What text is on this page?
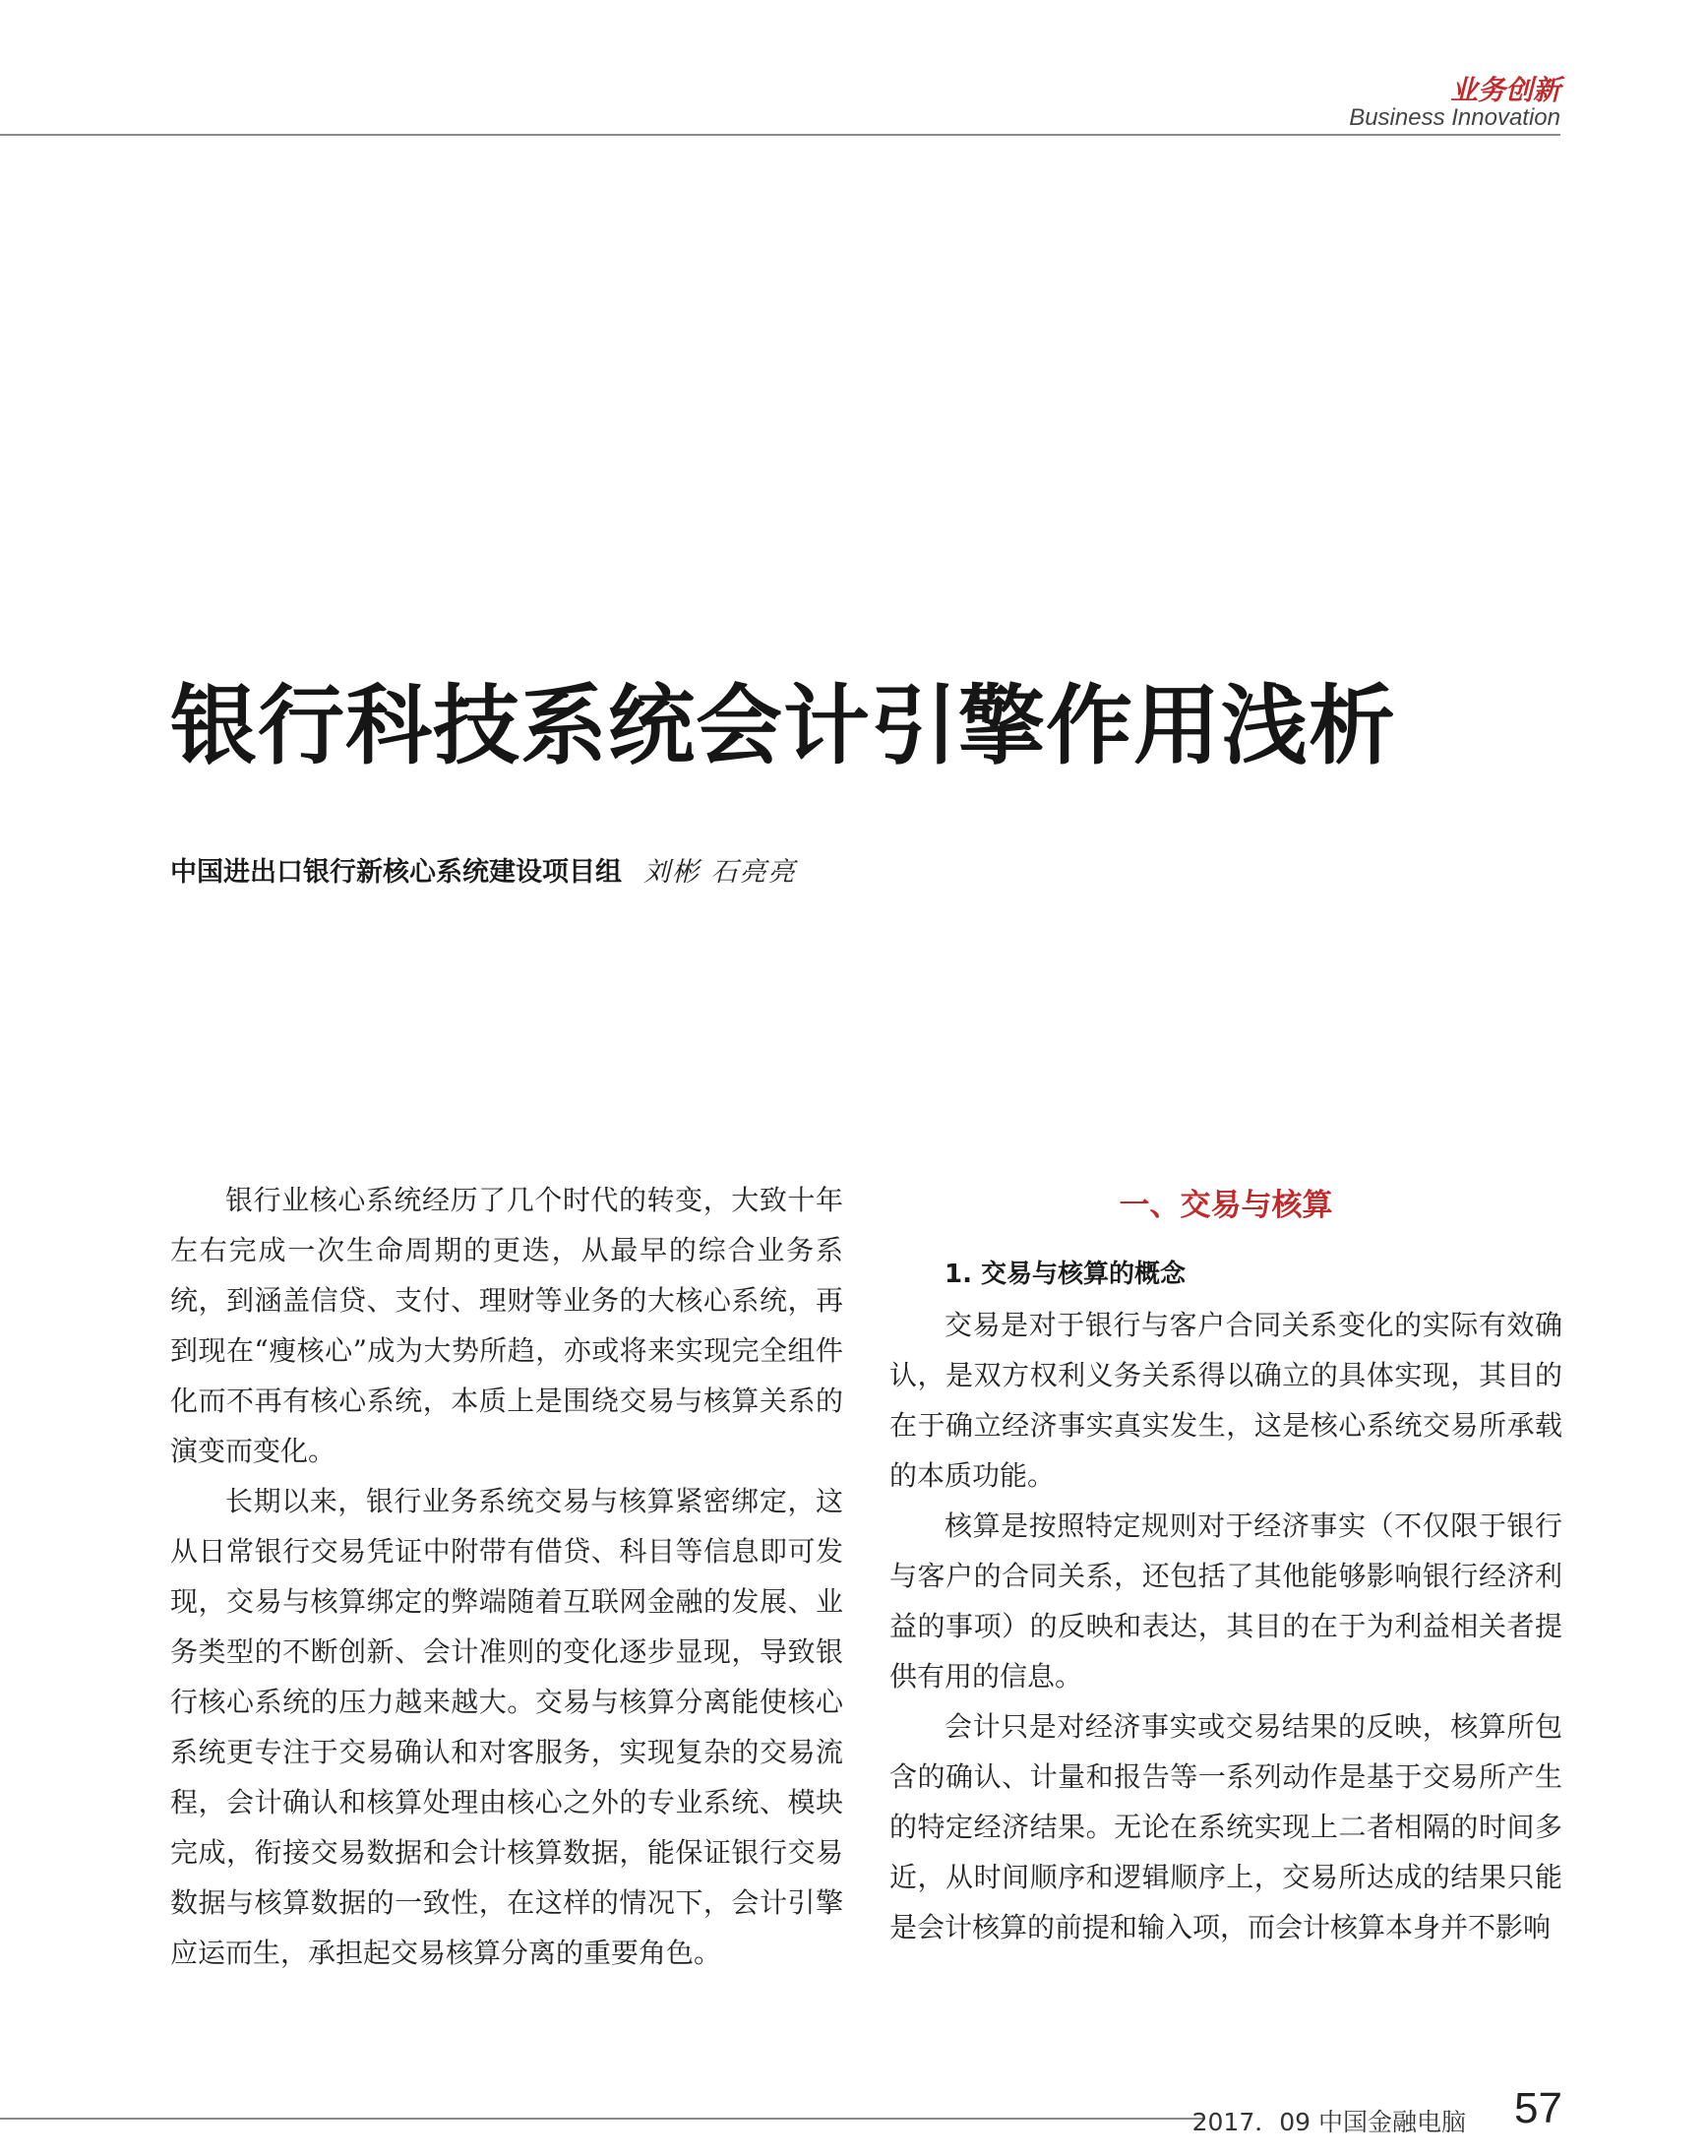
业务创新
Business Innovation
银行科技系统会计引擎作用浅析
中国进出口银行新核心系统建设项目组 刘彬 石亮亮

银行业核心系统经历了几个时代的转变，大致十年左右完成一次生命周期的更迭，从最早的综合业务系统，到涵盖信贷、支付、理财等业务的大核心系统，再到现在“瘦核心”成为大势所趋，亦或将来实现完全组件化而不再有核心系统，本质上是围绕交易与核算关系的演变而变化。

长期以来，银行业务系统交易与核算紧密绑定，这从日常银行交易凭证中附带有借贷、科目等信息即可发现，交易与核算绑定的弊端随着互联网金融的发展、业务类型的不断创新、会计准则的变化逐步显现，导致银行核心系统的压力越来越大。交易与核算分离能使核心系统更专注于交易确认和对客服务，实现复杂的交易流程，会计确认和核算处理由核心之外的专业系统、模块完成，衔接交易数据和会计核算数据，能保证银行交易数据与核算数据的一致性，在这样的情况下，会计引擎应运而生，承担起交易核算分离的重要角色。

一、交易与核算
1. 交易与核算的概念

交易是对于银行与客户合同关系变化的实际有效确认，是双方权利义务关系得以确立的具体实现，其目的在于确立经济事实真实发生，这是核心系统交易所承载的本质功能。

核算是按照特定规则对于经济事实（不仅限于银行与客户的合同关系，还包括了其他能够影响银行经济利益的事项）的反映和表达，其目的在于为利益相关者提供有用的信息。

会计只是对经济事实或交易结果的反映，核算所包含的确认、计量和报告等一系列动作是基于交易所产生的特定经济结果。无论在系统实现上二者相隔的时间多近，从时间顺序和逻辑顺序上，交易所达成的结果只能是会计核算的前提和输入项，而会计核算本身并不影响

2017．09 中国金融电脑 57
